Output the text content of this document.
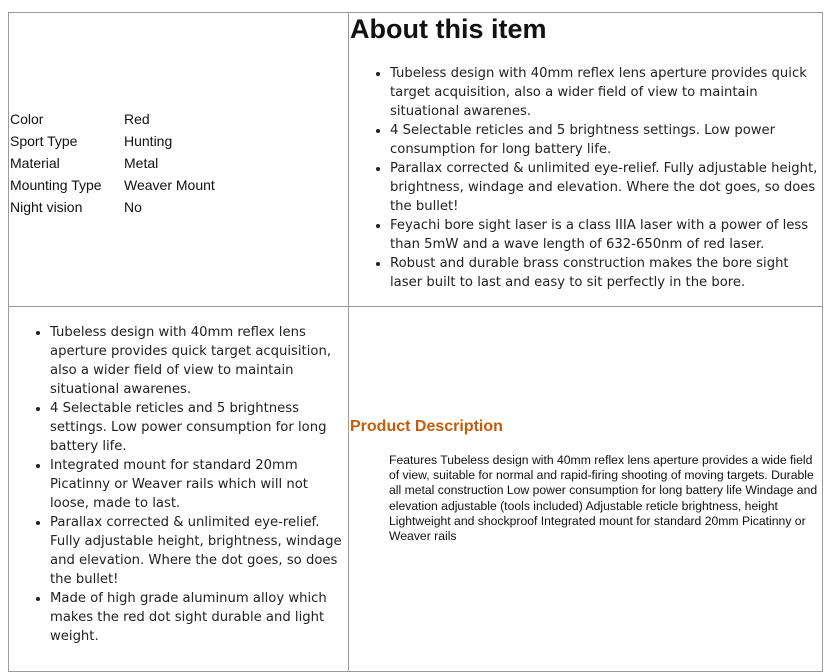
Color	Red
Sport Type	Hunting
Material	Metal
Mounting Type	Weaver Mount
Night vision	No
About this item
• Tubeless design with 40mm reflex lens aperture provides quick target acquisition, also a wider field of view to maintain situational awarenes.
• 4 Selectable reticles and 5 brightness settings. Low power consumption for long battery life.
• Parallax corrected & unlimited eye-relief. Fully adjustable height, brightness, windage and elevation. Where the dot goes, so does the bullet!
• Feyachi bore sight laser is a class IIIA laser with a power of less than 5mW and a wave length of 632-650nm of red laser.
• Robust and durable brass construction makes the bore sight laser built to last and easy to sit perfectly in the bore.
• Tubeless design with 40mm reflex lens aperture provides quick target acquisition, also a wider field of view to maintain situational awarenes.
• 4 Selectable reticles and 5 brightness settings. Low power consumption for long battery life.
• Integrated mount for standard 20mm Picatinny or Weaver rails which will not loose, made to last.
• Parallax corrected & unlimited eye-relief. Fully adjustable height, brightness, windage and elevation. Where the dot goes, so does the bullet!
• Made of high grade aluminum alloy which makes the red dot sight durable and light weight.
Product Description
Features Tubeless design with 40mm reflex lens aperture provides a wide field of view, suitable for normal and rapid-firing shooting of moving targets. Durable all metal construction Low power consumption for long battery life Windage and elevation adjustable (tools included) Adjustable reticle brightness, height Lightweight and shockproof Integrated mount for standard 20mm Picatinny or Weaver rails
